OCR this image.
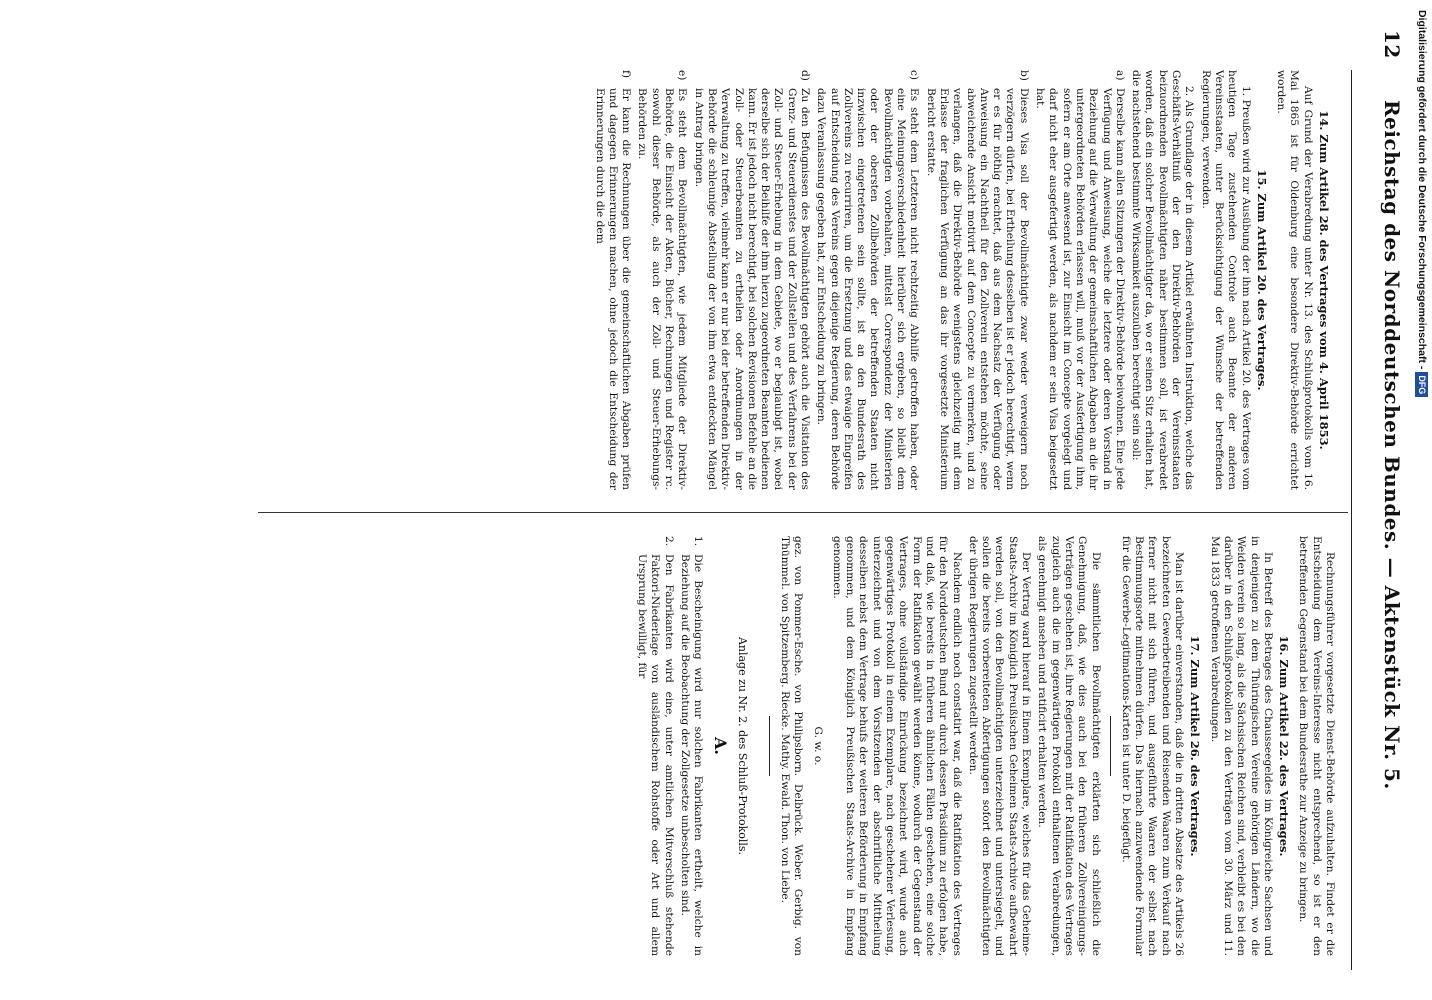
12
Reichstag des Norddeutschen Bundes. — Aktenstück Nr. 5.
14. Zum Artikel 28. des Vertrages vom 4. April 1853.

Auf Grund der Verabredung unter Nr. 13. des Schlußprotokolls vom 16. Mai 1865 ist für Oldenburg eine besondere Direktiv-Behörde errichtet worden.

15. Zum Artikel 20. des Vertrages.

1. Preußen wird zur Ausübung der ihm nach Artikel 20. des Vertrages vom heutigen Tage zustehenden Controle auch Beamte der anderen Vereinsstaaten, unter Berücksichtigung der Wünsche der betreffenden Regierungen, verwenden.

2. Als Grundlage der in diesem Artikel erwähnten Instruktion, welche das Geschäfts-Verhältniß der den Direktiv-Behörden der Vereinsstaaten beizuordnenden Bevollmächtigten näher bestimmen soll, ist verabredet worden, daß ein solcher Bevollmächtigter da, wo er seinen Sitz erhalten hat, die nachstehend bestimmte Wirksamkeit auszuüben berechtigt sein soll:

a)
Derselbe kann allen Sitzungen der Direktiv-Behörde beiwohnen. Eine jede Verfügung und Anweisung, welche die letztere oder deren Vorstand in Beziehung auf die Verwaltung der gemeinschaftlichen Abgaben an die ihr untergeordneten Behörden erlassen will, muß vor der Ausfertigung ihm, sofern er am Orte anwesend ist, zur Einsicht im Concepte vorgelegt und darf nicht eher ausgefertigt werden, als nachdem er sein Visa beigesetzt hat.
b)
Dieses Visa soll der Bevollmächtigte zwar weder verweigern noch verzögern dürfen, bei Ertheilung desselben ist er jedoch berechtigt, wenn er es für nöthig erachtet, daß aus dem Nachsatz der Verfügung oder Anweisung ein Nachtheil für den Zollverein entstehen möchte, seine abweichende Ansicht motivirt auf dem Concepte zu vermerken, und zu verlangen, daß die Direktiv-Behörde wenigstens gleichzeitig mit dem Erlasse der fraglichen Verfügung an das ihr vorgesetzte Ministerium Bericht erstatte.
c)
Es steht dem Letzteren nicht rechtzeitig Abhilfe getroffen haben, oder eine Meinungsverschiedenheit hierüber sich ergeben, so bleibt dem Bevollmächtigten vorbehalten, mittelst Correspondenz der Ministerien oder der obersten Zollbehörden der betreffenden Staaten nicht inzwischen eingetretenen sein sollte, ist an den Bundesrath des Zollvereins zu recurriren, um die Ersetzung und das etwaige Eingreifen auf Entscheidung des Vereins gegen diejenige Regierung, deren Behörde dazu Veranlassung gegeben hat, zur Entscheidung zu bringen.
d)
Zu den Befugnissen des Bevollmächtigten gehört auch die Visitation des Grenz- und Steuerdienstes und der Zollstellen und des Verfahrens bei der Zoll- und Steuer-Erhebung in dem Gebiete, wo er beglaubigt ist, wobei derselbe sich der Beihilfe der ihm hierzu zugeordneten Beamten bedienen kann. Er ist jedoch nicht berechtigt, bei solchen Revisionen Befehle an die Zoll- oder Steuerbeamten zu ertheilen oder Anordnungen in der Verwaltung zu treffen, vielmehr kann er nur bei der betreffenden Direktiv-Behörde die schleunige Abstellung der von ihm etwa entdeckten Mängel in Antrag bringen.
e)
Es steht dem Bevollmächtigten, wie jedem Mitgliede der Direktiv-Behörde, die Einsicht der Akten, Bücher, Rechnungen und Register rc. sowohl dieser Behörde, als auch der Zoll- und Steuer-Erhebungs-Behörden zu.
f)
Er kann die Rechnungen über die gemeinschaftlichen Abgaben prüfen und dagegen Erinnerungen machen, ohne jedoch die Entscheidung der Erinnerungen durch die dem

Rechnungsführer vorgesetzte Dienst-Behörde aufzuhalten. Findet er die Entscheidung dem Vereins-Interesse nicht entsprechend, so ist er den betreffenden Gegenstand bei dem Bundesrathe zur Anzeige zu bringen.

16. Zum Artikel 22. des Vertrages.

In Betreff des Betrages des Chausseegeldes im Königreiche Sachsen und in denjenigen zu dem Thüringischen Vereine gehörigen Ländern, wo die Weiden verein so lang, als die Sächsischen Reichen sind, verbleibt es bei den darüber in den Schlußprotokollen zu den Verträgen vom 30. März und 11. Mai 1833 getroffenen Verabredungen.

17. Zum Artikel 26. des Vertrages.

Man ist darüber einverstanden, daß die in dritten Absatze des Artikels 26 bezeichneten Gewerbetreibenden und Reisenden Waaren zum Verkauf nach ferner nicht mit sich führen, und ausgeführte Waaren der selbst nach Bestimmungsorte mitnehmen dürfen. Das hiernach anzuwendende Formular für die Gewerbe-Legitimations-Karten ist unter D. beigefügt.

Die sämmtlichen Bevollmächtigten erklärten sich schließlich die Genehmigung, daß, wie dies auch bei den früheren Zollvereinigungs-Verträgen geschehen ist, ihre Regierungen mit der Ratifikation des Vertrages zugleich auch die im gegenwärtigen Protokoll enthaltenen Verabredungen, als genehmigt ansehen und ratificirt erhalten werden.

Der Vertrag ward hierauf in Einem Exemplare, welches für das Geheime-Staats-Archiv im Königlich Preußischen Geheimen Staats-Archive aufbewahrt werden soll, von den Bevollmächtigten unterzeichnet und untersiegelt, und sollen die bereits vorbereiteten Abfertigungen sofort den Bevollmächtigten der übrigen Regierungen zugestellt werden.

Nachdem endlich noch constatirt war, daß die Ratifikation des Vertrages für den Norddeutschen Bund nur durch dessen Präsidium zu erfolgen habe, und daß, wie bereits in früheren ähnlichen Fällen geschehen, eine solche Form der Ratifikation gewählt werden könne, wodurch der Gegenstand der Vertrages, ohne vollständige Einrückung bezeichnet wird, wurde auch gegenwärtiges Protokoll in einem Exemplare, nach geschehener Verlesung, unterzeichnet und von dem Vorsitzenden der abschriftliche Mittheilung desselben nebst dem Vertrage behufs der weiteren Beförderung in Empfang genommen, und dem Königlich Preußischen Staats-Archive in Empfang genommen.

G. w. o.
gez. von Pommer-Esche. von Philipsborn. Delbrück. Weber. Gerbig. von Thümmel. von Spitzemberg. Riecke. Mathy. Ewald. Thon. von Liebe.
Anlage zu Nr. 2. des Schluß-Protokolls.
A.
1.
Die Bescheinigung wird nur solchen Fabrikanten ertheilt, welche in Beziehung auf die Beobachtung der Zollgesetze unbescholten sind.
2.
Den Fabrikanten wird eine, unter amtlichen Mitverschluß stehende Faktori-Niederlage von ausländischem Rohstoffe oder Art und allem Ursprung bewilligt, für
Digitalisierung gefördert durch die Deutsche Forschungsgemeinschaft - DFG
